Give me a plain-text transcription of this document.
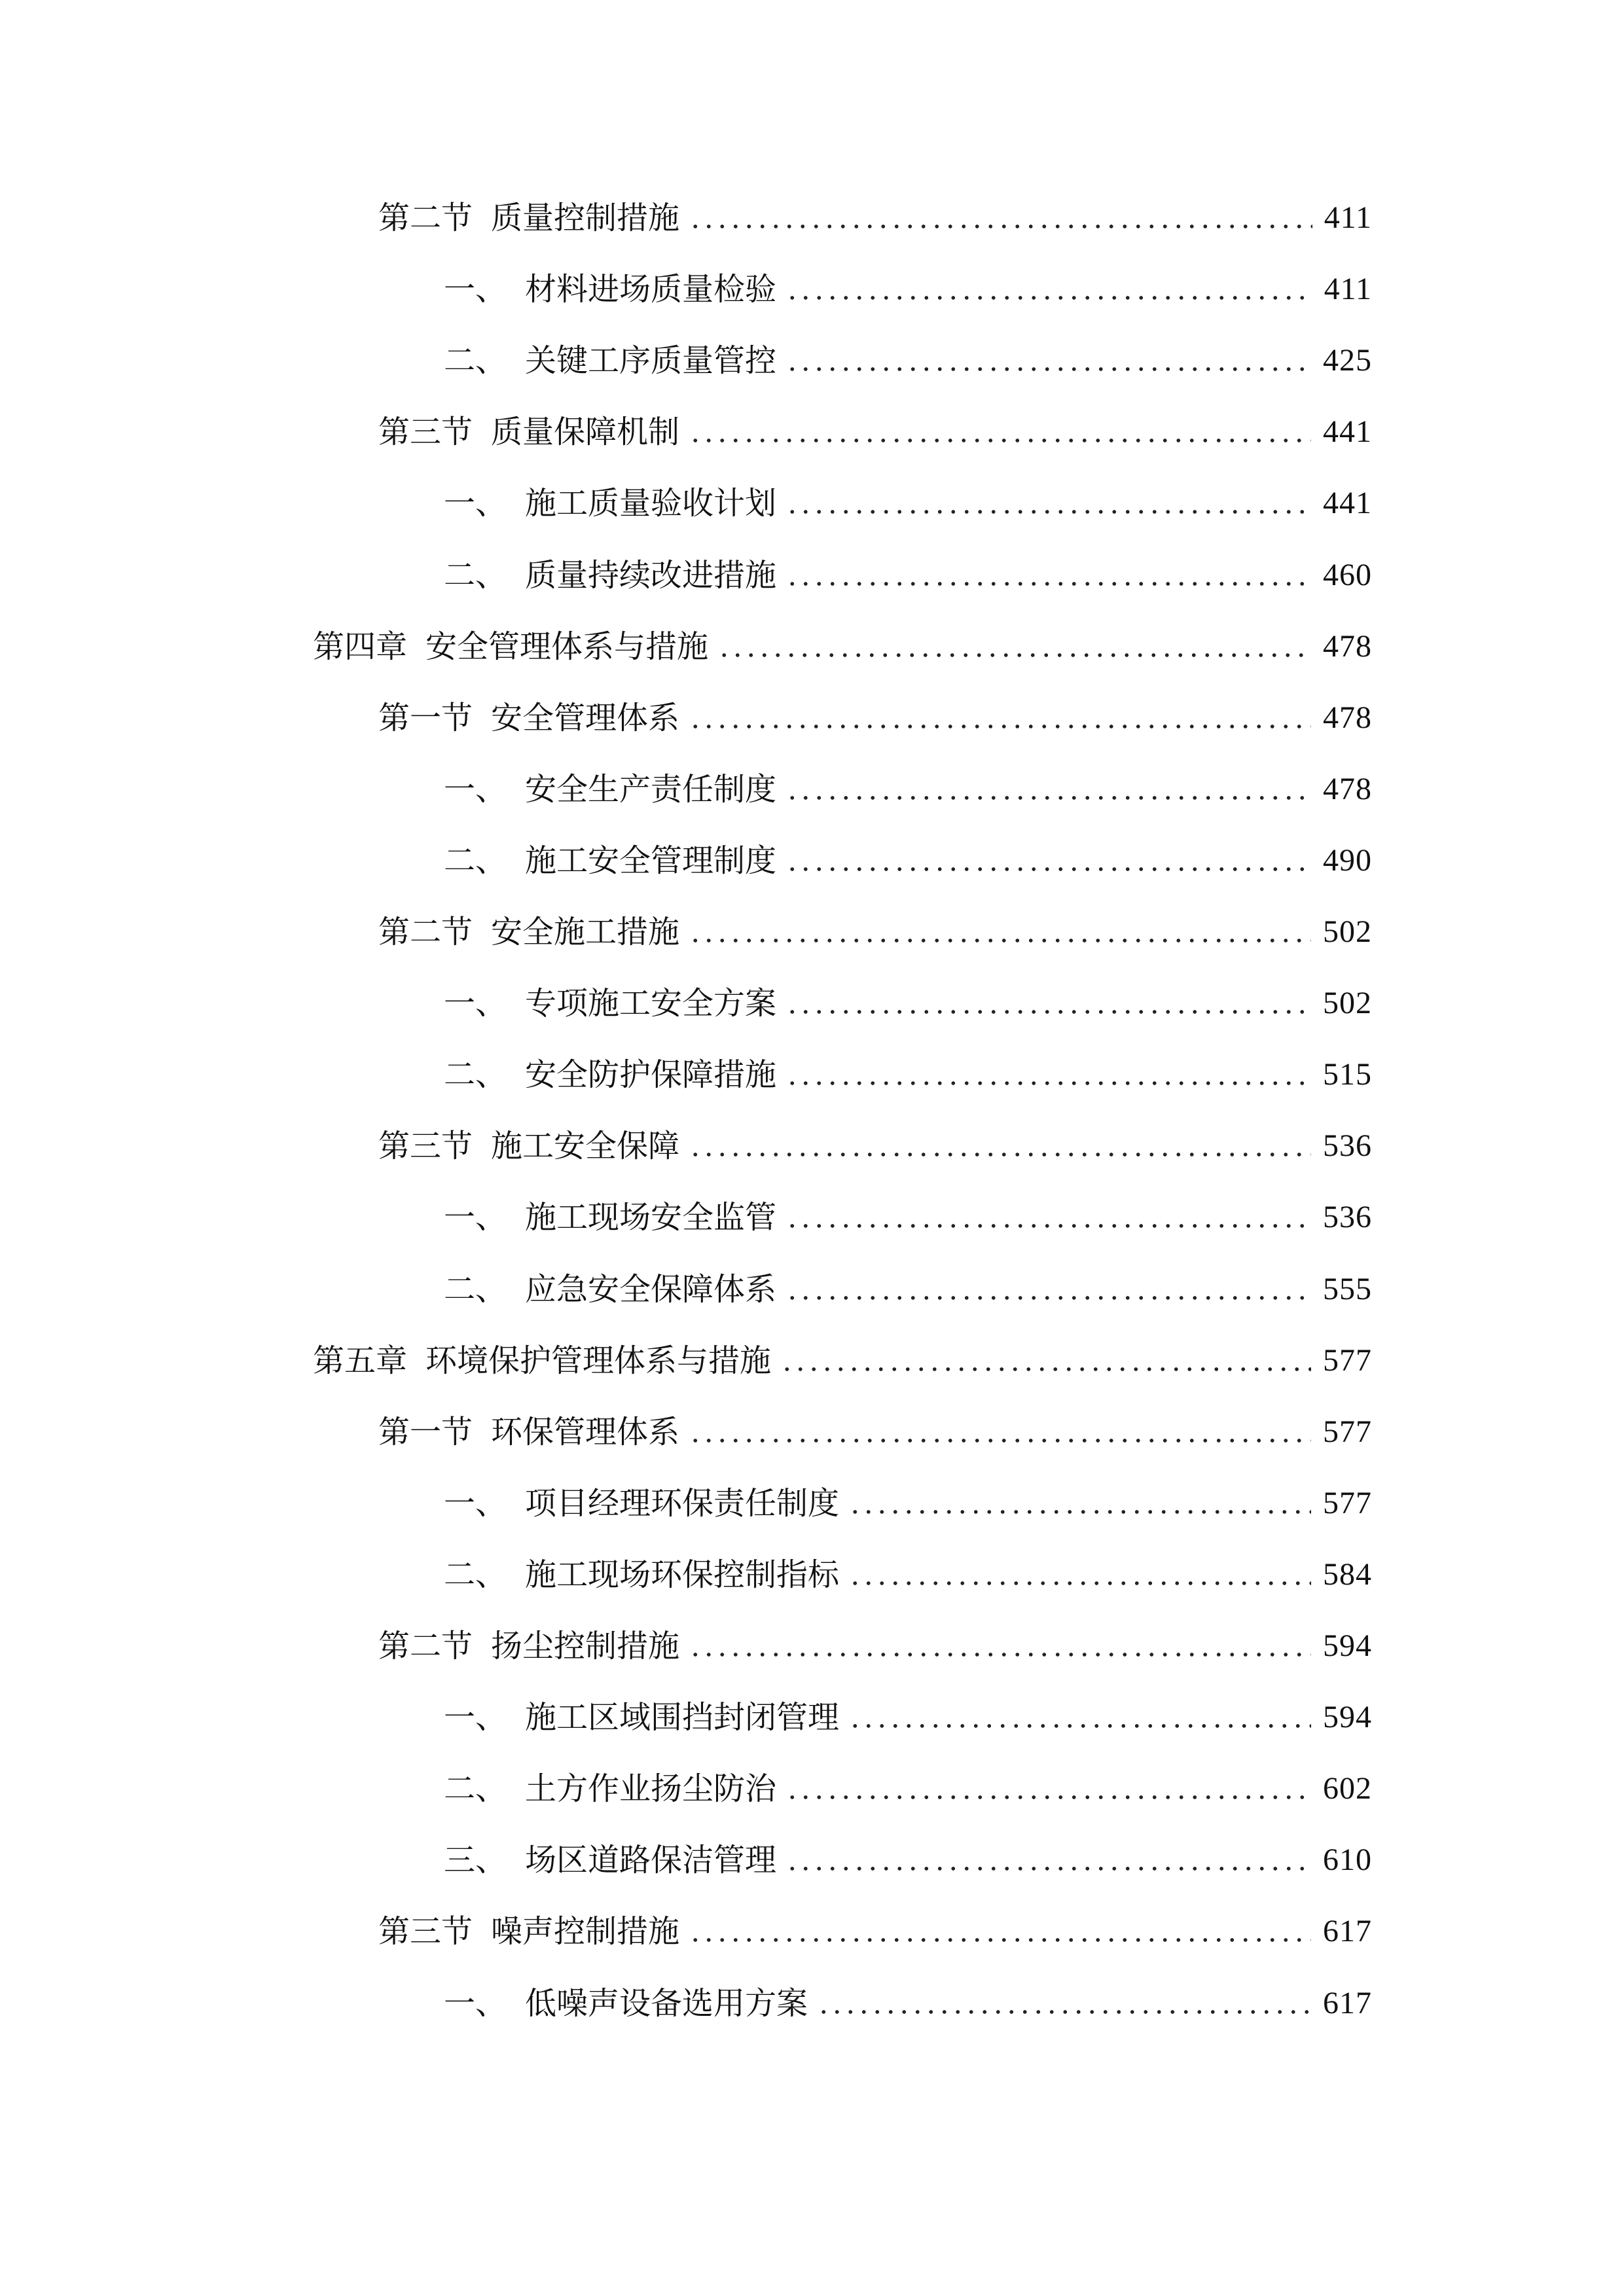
第二节 质量控制措施	411
一、 材料进场质量检验	411
二、 关键工序质量管控	425
第三节 质量保障机制	441
一、 施工质量验收计划	441
二、 质量持续改进措施	460
第四章 安全管理体系与措施	478
第一节 安全管理体系	478
一、 安全生产责任制度	478
二、 施工安全管理制度	490
第二节 安全施工措施	502
一、 专项施工安全方案	502
二、 安全防护保障措施	515
第三节 施工安全保障	536
一、 施工现场安全监管	536
二、 应急安全保障体系	555
第五章 环境保护管理体系与措施	577
第一节 环保管理体系	577
一、 项目经理环保责任制度	577
二、 施工现场环保控制指标	584
第二节 扬尘控制措施	594
一、 施工区域围挡封闭管理	594
二、 土方作业扬尘防治	602
三、 场区道路保洁管理	610
第三节 噪声控制措施	617
一、 低噪声设备选用方案	617
